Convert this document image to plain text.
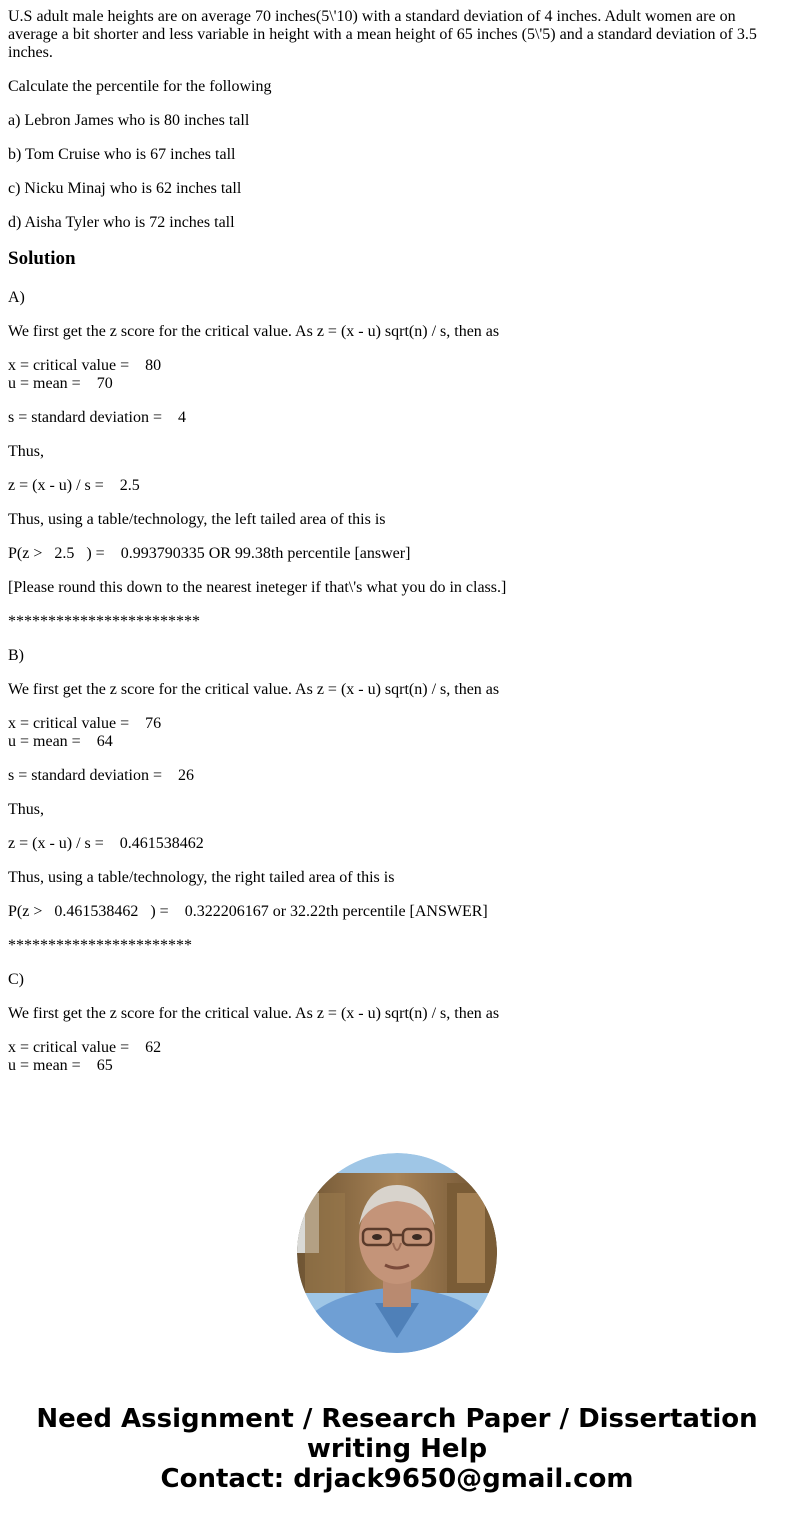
U.S adult male heights are on average 70 inches(5\'10) with a standard deviation of 4 inches. Adult women are on average a bit shorter and less variable in height with a mean height of 65 inches (5\'5) and a standard deviation of 3.5 inches.

Calculate the percentile for the following

a) Lebron James who is 80 inches tall

b) Tom Cruise who is 67 inches tall

c) Nicku Minaj who is 62 inches tall

d) Aisha Tyler who is 72 inches tall

Solution

A)

We first get the z score for the critical value. As z = (x - u) sqrt(n) / s, then as

x = critical value =    80

u = mean =    70

s = standard deviation =    4

Thus,

z = (x - u) / s =    2.5

Thus, using a table/technology, the left tailed area of this is

P(z >   2.5   ) =    0.993790335 OR 99.38th percentile [answer]

[Please round this down to the nearest ineteger if that\'s what you do in class.]

************************

B)

We first get the z score for the critical value. As z = (x - u) sqrt(n) / s, then as

x = critical value =    76

u = mean =    64

s = standard deviation =    26

Thus,

z = (x - u) / s =    0.461538462

Thus, using a table/technology, the right tailed area of this is

P(z >   0.461538462   ) =    0.322206167 or 32.22th percentile [ANSWER]

***********************

C)

We first get the z score for the critical value. As z = (x - u) sqrt(n) / s, then as

x = critical value =    62

u = mean =    65

Need Assignment / Research Paper / Dissertation
writing Help
Contact: drjack9650@gmail.com
